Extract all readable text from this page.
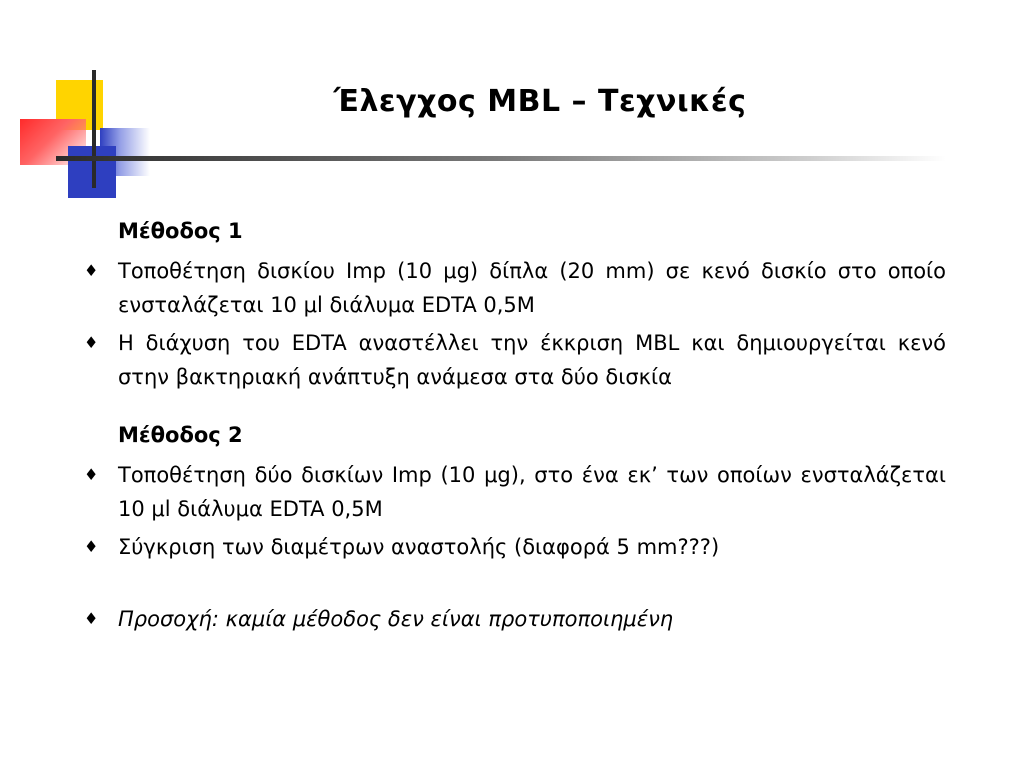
Έλεγχος MBL – Τεχνικές
Μέθοδος 1
♦ Τοποθέτηση δισκίου Imp (10 μg) δίπλα (20 mm) σε κενό δισκίο στο οποίο ενσταλάζεται 10 μl διάλυμα EDTA 0,5M
♦ Η διάχυση του EDTA αναστέλλει την έκκριση MBL και δημιουργείται κενό στην βακτηριακή ανάπτυξη ανάμεσα στα δύο δισκία
Μέθοδος 2
♦ Τοποθέτηση δύο δισκίων Imp (10 μg), στο ένα εκ’ των οποίων ενσταλάζεται 10 μl διάλυμα EDTA 0,5M
♦ Σύγκριση των διαμέτρων αναστολής (διαφορά 5 mm???)
♦ Προσοχή: καμία μέθοδος δεν είναι προτυποποιημένη
